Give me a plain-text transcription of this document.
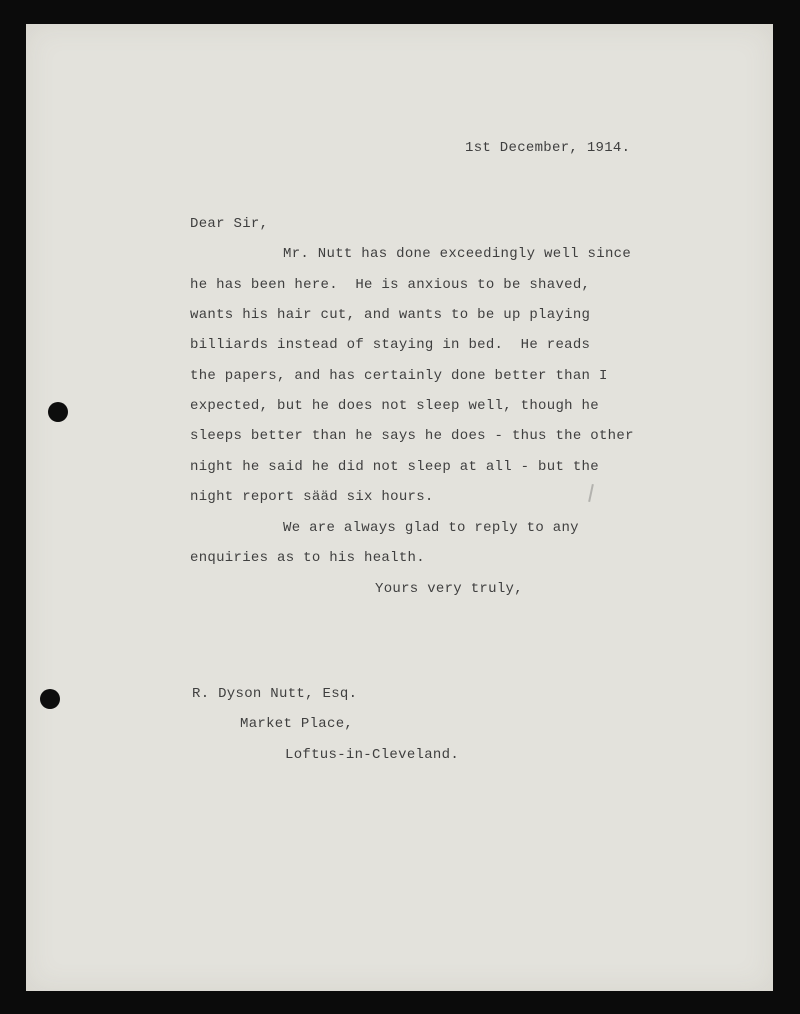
1st December, 1914.
Dear Sir,
Mr. Nutt has done exceedingly well since
he has been here.  He is anxious to be shaved,
wants his hair cut, and wants to be up playing
billiards instead of staying in bed.  He reads
the papers, and has certainly done better than I
expected, but he does not sleep well, though he
sleeps better than he says he does - thus the other
night he said he did not sleep at all - but the
night report sääd six hours.
We are always glad to reply to any
enquiries as to his health.
Yours very truly,
R. Dyson Nutt, Esq.
Market Place,
Loftus-in-Cleveland.
